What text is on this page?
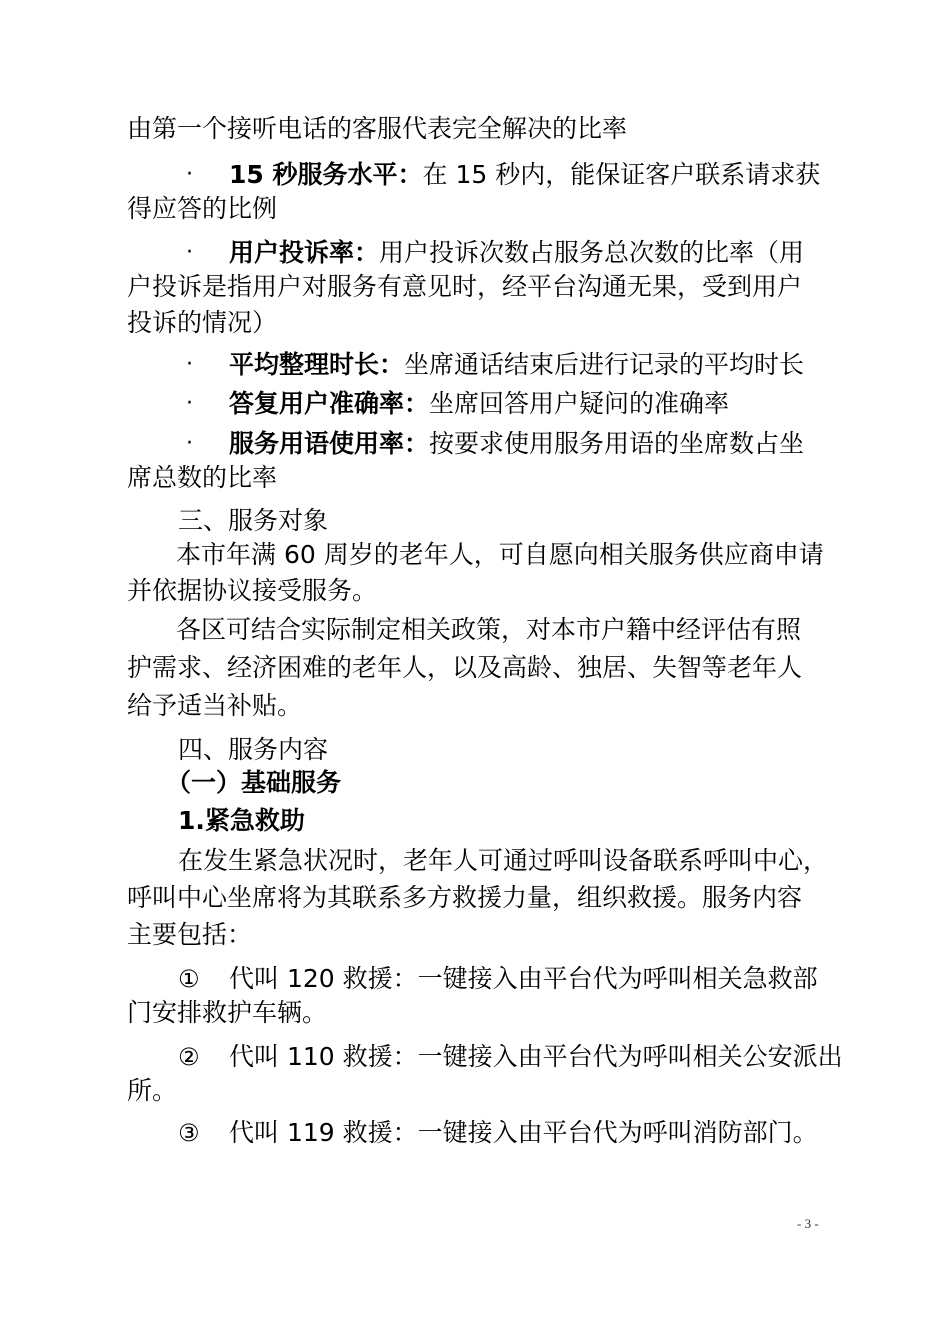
由第一个接听电话的客服代表完全解决的比率
· 15 秒服务水平：在 15 秒内，能保证客户联系请求获
得应答的比例
· 用户投诉率：用户投诉次数占服务总次数的比率（用
户投诉是指用户对服务有意见时，经平台沟通无果，受到用户
投诉的情况）
· 平均整理时长：坐席通话结束后进行记录的平均时长
· 答复用户准确率：坐席回答用户疑问的准确率
· 服务用语使用率：按要求使用服务用语的坐席数占坐
席总数的比率
三、服务对象
本市年满 60 周岁的老年人，可自愿向相关服务供应商申请
并依据协议接受服务。
各区可结合实际制定相关政策，对本市户籍中经评估有照
护需求、经济困难的老年人，以及高龄、独居、失智等老年人
给予适当补贴。
四、服务内容
（一）基础服务
1.紧急救助
在发生紧急状况时，老年人可通过呼叫设备联系呼叫中心，
呼叫中心坐席将为其联系多方救援力量，组织救援。服务内容
主要包括：
① 代叫 120 救援：一键接入由平台代为呼叫相关急救部
门安排救护车辆。
② 代叫 110 救援：一键接入由平台代为呼叫相关公安派出
所。
③ 代叫 119 救援：一键接入由平台代为呼叫消防部门。
- 3 -
